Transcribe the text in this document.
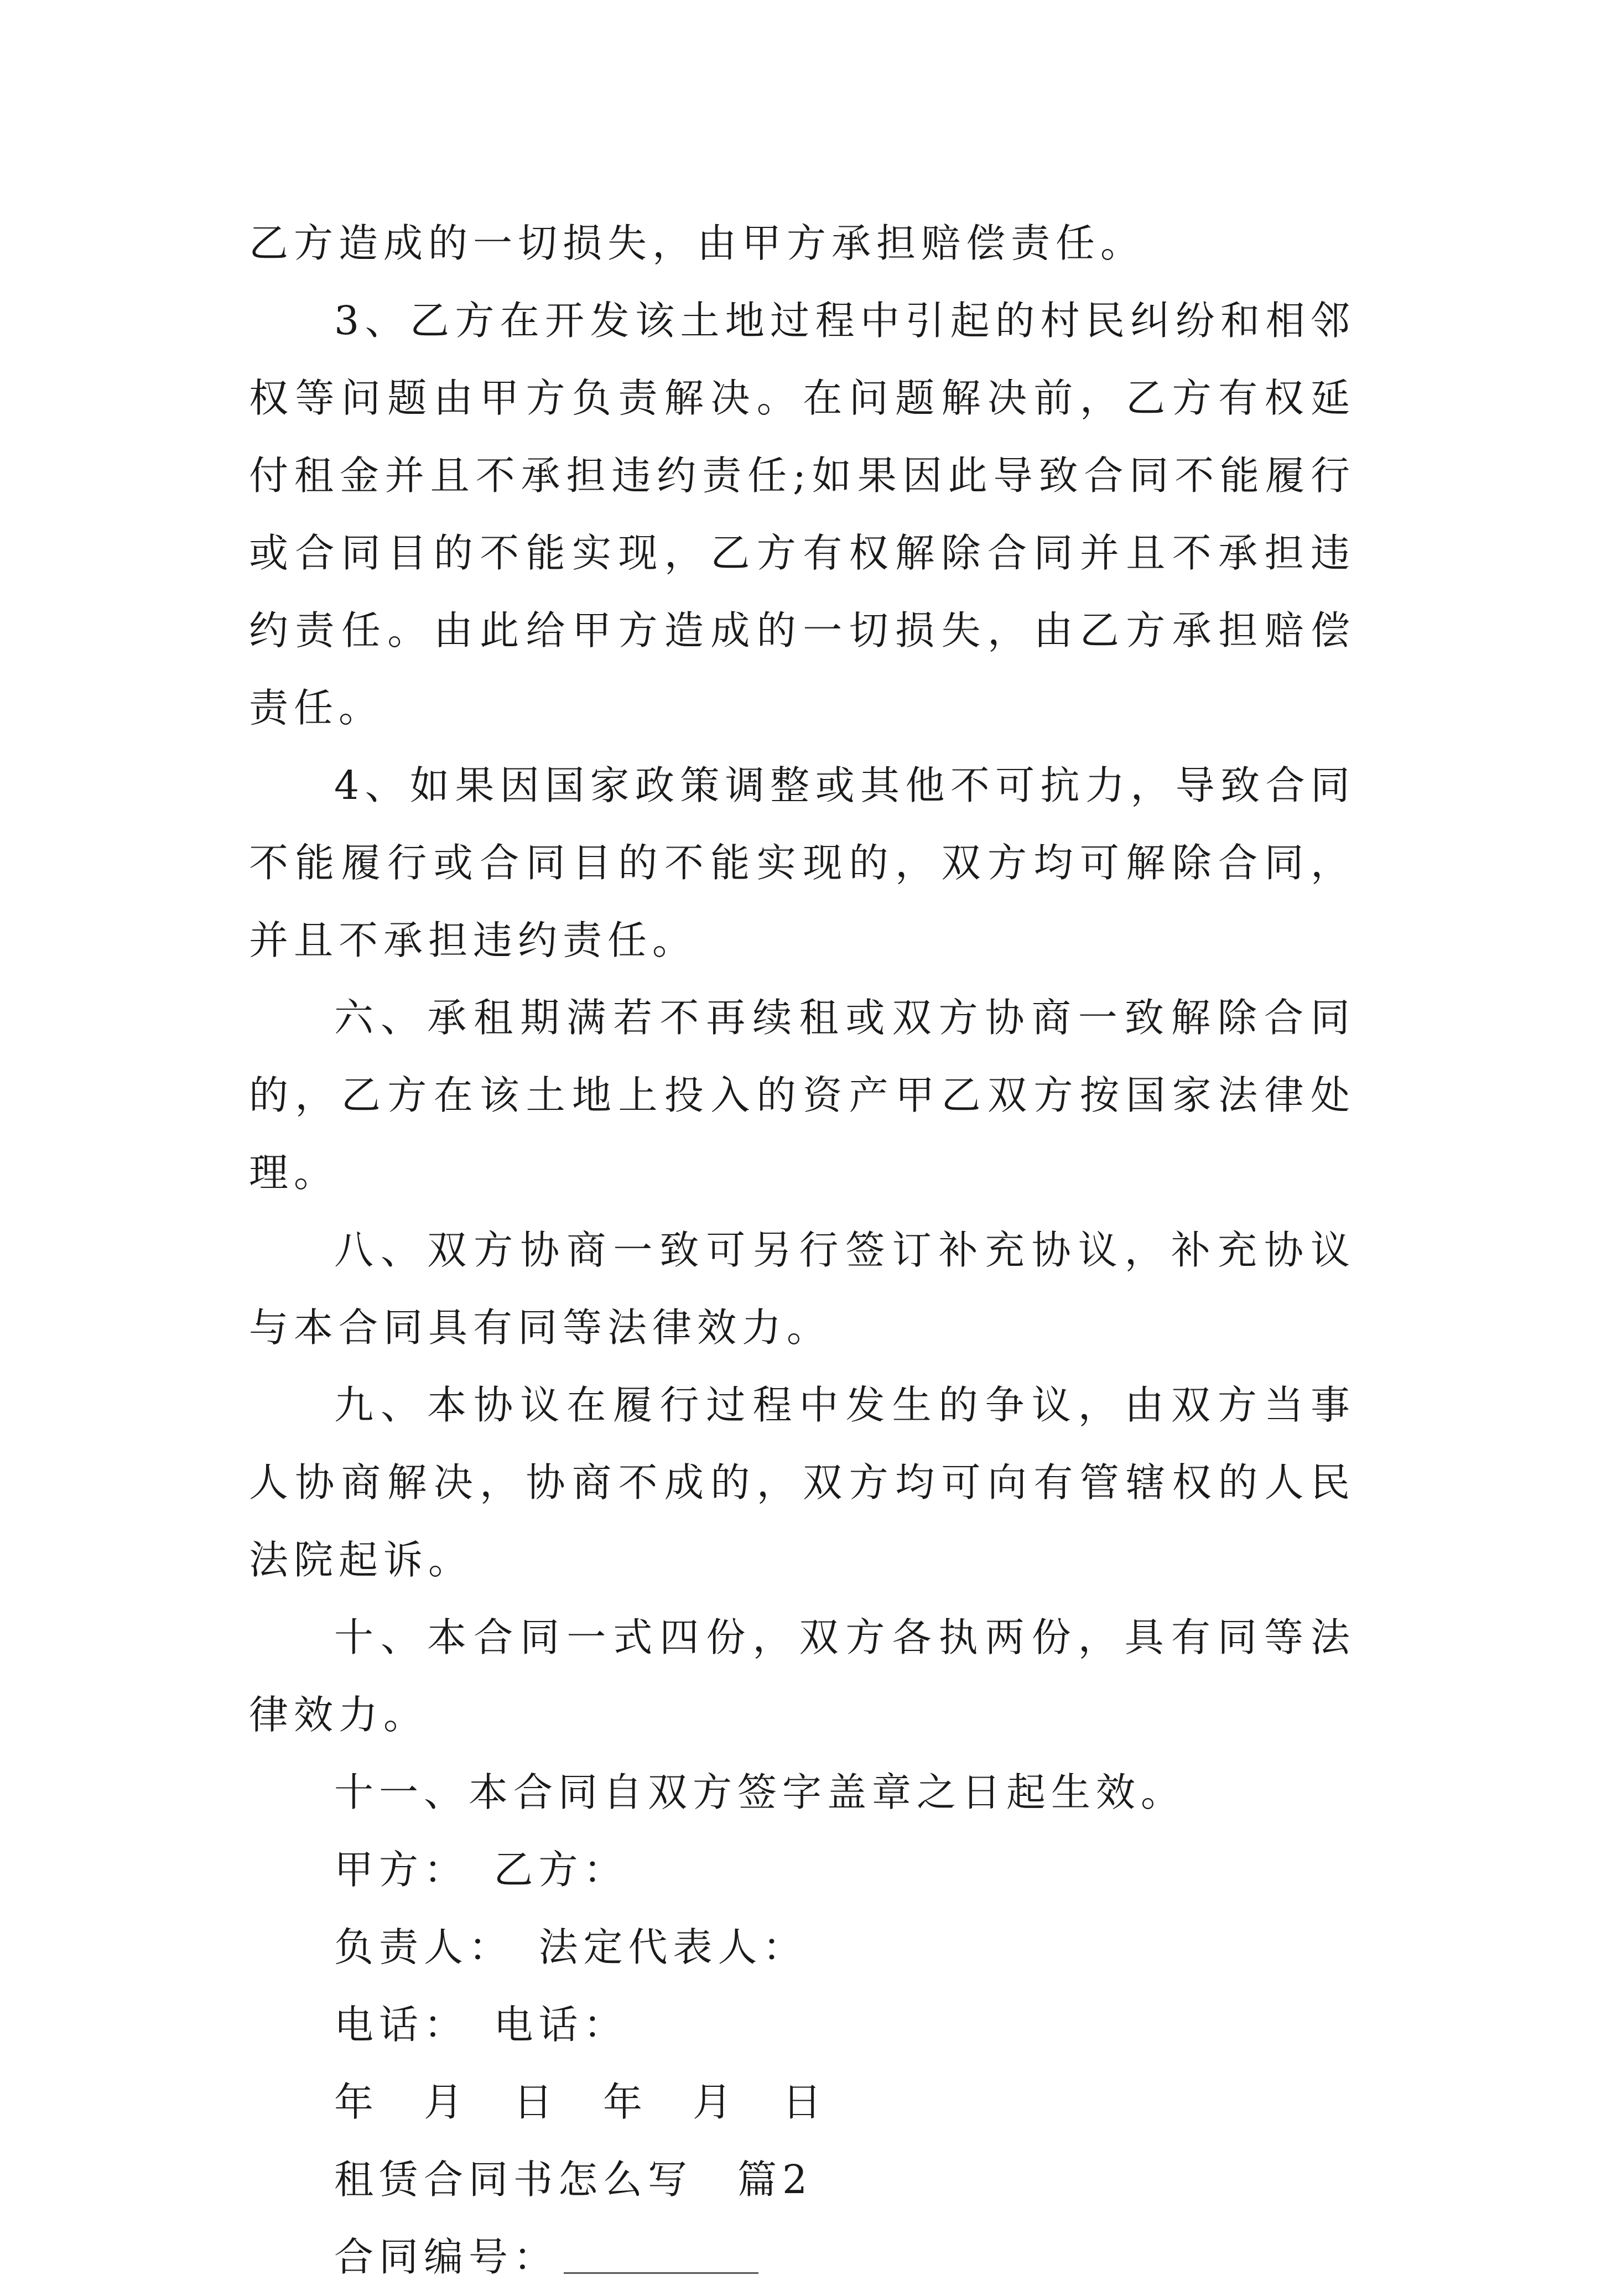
乙方造成的一切损失，由甲方承担赔偿责任。

3、乙方在开发该土地过程中引起的村民纠纷和相邻权等问题由甲方负责解决。在问题解决前，乙方有权延付租金并且不承担违约责任;如果因此导致合同不能履行或合同目的不能实现，乙方有权解除合同并且不承担违约责任。由此给甲方造成的一切损失，由乙方承担赔偿责任。

4、如果因国家政策调整或其他不可抗力，导致合同不能履行或合同目的不能实现的，双方均可解除合同，并且不承担违约责任。

六、承租期满若不再续租或双方协商一致解除合同的，乙方在该土地上投入的资产甲乙双方按国家法律处理。

八、双方协商一致可另行签订补充协议，补充协议与本合同具有同等法律效力。

九、本协议在履行过程中发生的争议，由双方当事人协商解决，协商不成的，双方均可向有管辖权的人民法院起诉。

十、本合同一式四份，双方各执两份，具有同等法律效力。

十一、本合同自双方签字盖章之日起生效。

甲方：　乙方：

负责人：　法定代表人：

电话：　电话：

年　月　日　年　月　日

租赁合同书怎么写　篇2

合同编号：
